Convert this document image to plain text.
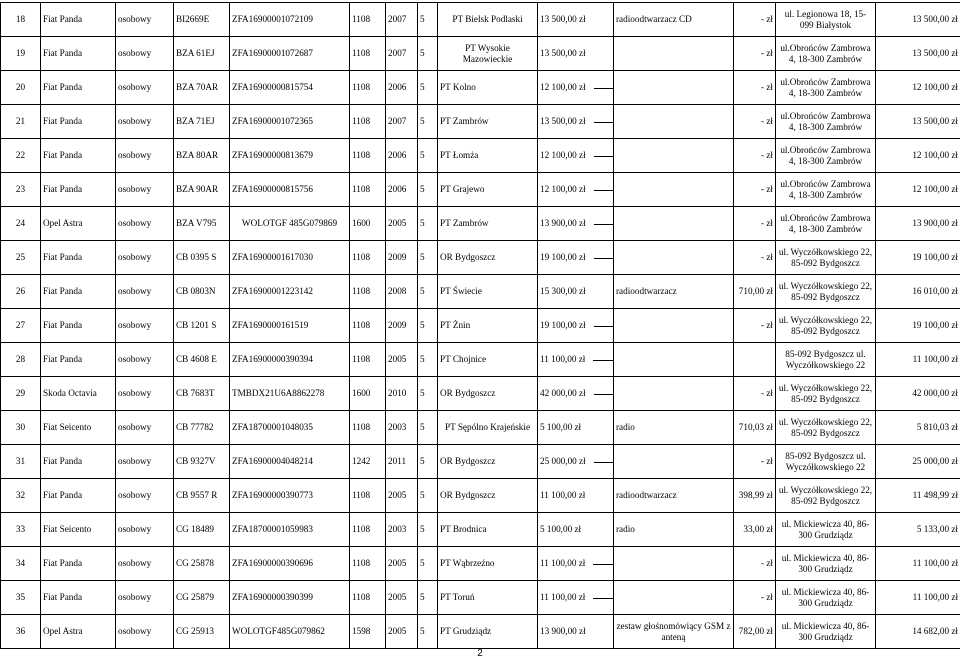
18	Fiat Panda	osobowy	BI2669E	ZFA16900001072109	1108	2007	5	PT Bielsk Podlaski	13 500,00 zł	radioodtwarzacz CD	- zł	ul. Legionowa 18, 15-099 Białystok	13 500,00 zł
19	Fiat Panda	osobowy	BZA 61EJ	ZFA16900001072687	1108	2007	5	PT Wysokie Mazowieckie	13 500,00 zł		- zł	ul.Obrońców Zambrowa 4, 18-300 Zambrów	13 500,00 zł
20	Fiat Panda	osobowy	BZA 70AR	ZFA16900000815754	1108	2006	5	PT Kolno	12 100,00 zł		- zł	ul.Obrońców Zambrowa 4, 18-300 Zambrów	12 100,00 zł
21	Fiat Panda	osobowy	BZA 71EJ	ZFA16900001072365	1108	2007	5	PT Zambrów	13 500,00 zł		- zł	ul.Obrońców Zambrowa 4, 18-300 Zambrów	13 500,00 zł
22	Fiat Panda	osobowy	BZA 80AR	ZFA16900000813679	1108	2006	5	PT Łomża	12 100,00 zł		- zł	ul.Obrońców Zambrowa 4, 18-300 Zambrów	12 100,00 zł
23	Fiat Panda	osobowy	BZA 90AR	ZFA16900000815756	1108	2006	5	PT Grajewo	12 100,00 zł		- zł	ul.Obrońców Zambrowa 4, 18-300 Zambrów	12 100,00 zł
24	Opel Astra	osobowy	BZA V795	WOLOTGF 485G079869	1600	2005	5	PT Zambrów	13 900,00 zł		- zł	ul.Obrońców Zambrowa 4, 18-300 Zambrów	13 900,00 zł
25	Fiat Panda	osobowy	CB 0395 S	ZFA16900001617030	1108	2009	5	OR Bydgoszcz	19 100,00 zł		- zł	ul. Wyczółkowskiego 22, 85-092 Bydgoszcz	19 100,00 zł
26	Fiat Panda	osobowy	CB 0803N	ZFA16900001223142	1108	2008	5	PT Świecie	15 300,00 zł	radioodtwarzacz	710,00 zł	ul. Wyczółkowskiego 22, 85-092 Bydgoszcz	16 010,00 zł
27	Fiat Panda	osobowy	CB 1201 S	ZFA1690000161519	1108	2009	5	PT Żnin	19 100,00 zł		- zł	ul. Wyczółkowskiego 22, 85-092 Bydgoszcz	19 100,00 zł
28	Fiat Panda	osobowy	CB 4608 E	ZFA16900000390394	1108	2005	5	PT Chojnice	11 100,00 zł			85-092 Bydgoszcz ul. Wyczółkowskiego 22	11 100,00 zł
29	Skoda Octavia	osobowy	CB 7683T	TMBDX21U6A8862278	1600	2010	5	OR Bydgoszcz	42 000,00 zł		- zł	ul. Wyczółkowskiego 22, 85-092 Bydgoszcz	42 000,00 zł
30	Fiat Seicento	osobowy	CB 77782	ZFA18700001048035	1108	2003	5	PT Sępólno Krajeńskie	5 100,00 zł	radio	710,03 zł	ul. Wyczółkowskiego 22, 85-092 Bydgoszcz	5 810,03 zł
31	Fiat Panda	osobowy	CB 9327V	ZFA16900004048214	1242	2011	5	OR Bydgoszcz	25 000,00 zł		- zł	85-092 Bydgoszcz ul. Wyczółkowskiego 22	25 000,00 zł
32	Fiat Panda	osobowy	CB 9557 R	ZFA16900000390773	1108	2005	5	OR Bydgoszcz	11 100,00 zł	radioodtwarzacz	398,99 zł	ul. Wyczółkowskiego 22, 85-092 Bydgoszcz	11 498,99 zł
33	Fiat Seicento	osobowy	CG 18489	ZFA18700001059983	1108	2003	5	PT Brodnica	5 100,00 zł	radio	33,00 zł	ul. Mickiewicza 40, 86-300 Grudziądz	5 133,00 zł
34	Fiat Panda	osobowy	CG 25878	ZFA16900000390696	1108	2005	5	PT Wąbrzeźno	11 100,00 zł		- zł	ul. Mickiewicza 40, 86-300 Grudziądz	11 100,00 zł
35	Fiat Panda	osobowy	CG 25879	ZFA16900000390399	1108	2005	5	PT Toruń	11 100,00 zł		- zł	ul. Mickiewicza 40, 86-300 Grudziądz	11 100,00 zł
36	Opel Astra	osobowy	CG 25913	WOLOTGF485G079862	1598	2005	5	PT Grudziądz	13 900,00 zł	zestaw głośnomówiący GSM z anteną	782,00 zł	ul. Mickiewicza 40, 86-300 Grudziądz	14 682,00 zł
2
